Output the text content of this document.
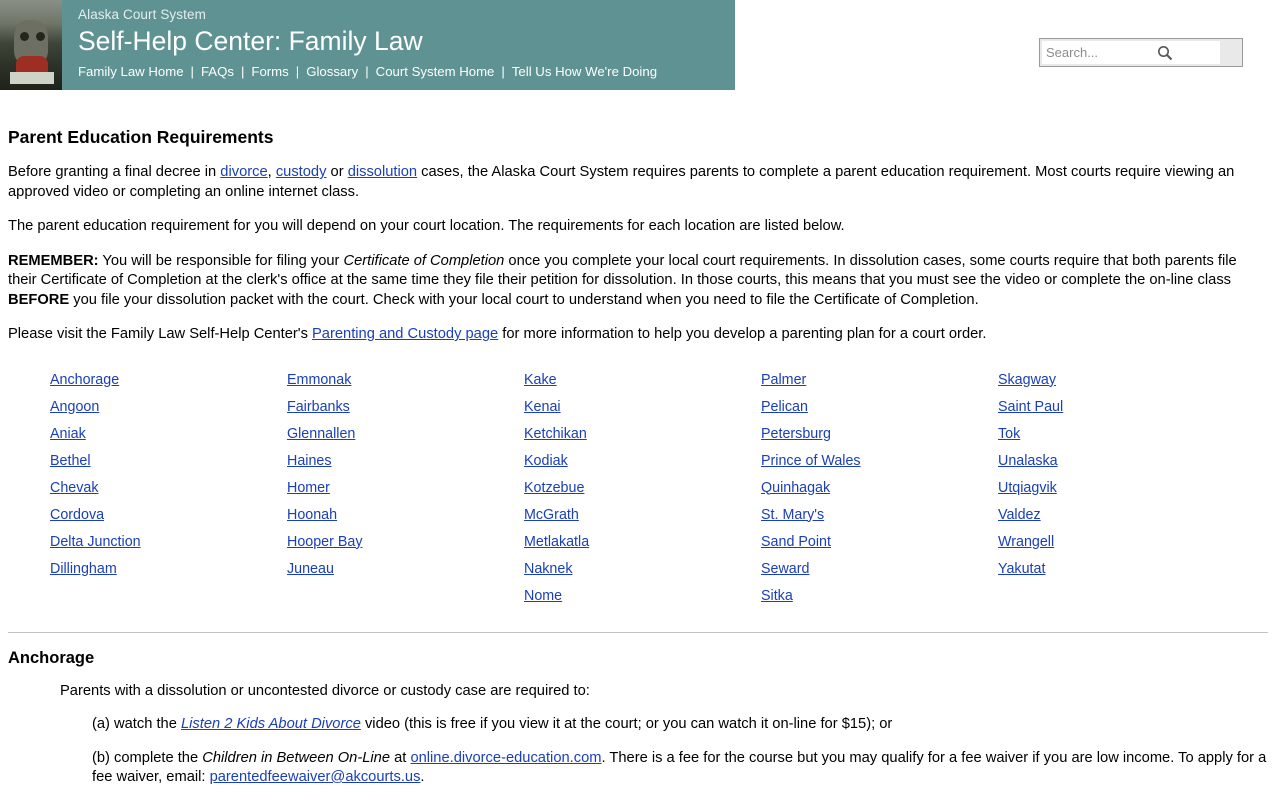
Alaska Court System
Self-Help Center: Family Law
Family Law Home | FAQs | Forms | Glossary | Court System Home | Tell Us How We're Doing
Search...
Parent Education Requirements

Before granting a final decree in divorce, custody or dissolution cases, the Alaska Court System requires parents to complete a parent education requirement. Most courts require viewing an approved video or completing an online internet class.

The parent education requirement for you will depend on your court location. The requirements for each location are listed below.

REMEMBER: You will be responsible for filing your Certificate of Completion once you complete your local court requirements. In dissolution cases, some courts require that both parents file their Certificate of Completion at the clerk's office at the same time they file their petition for dissolution. In those courts, this means that you must see the video or complete the on-line class BEFORE you file your dissolution packet with the court. Check with your local court to understand when you need to file the Certificate of Completion.

Please visit the Family Law Self-Help Center's Parenting and Custody page for more information to help you develop a parenting plan for a court order.

Anchorage
Angoon
Aniak
Bethel
Chevak
Cordova
Delta Junction
Dillingham
Emmonak
Fairbanks
Glennallen
Haines
Homer
Hoonah
Hooper Bay
Juneau
Kake
Kenai
Ketchikan
Kodiak
Kotzebue
McGrath
Metlakatla
Naknek
Nome
Palmer
Pelican
Petersburg
Prince of Wales
Quinhagak
St. Mary's
Sand Point
Seward
Sitka
Skagway
Saint Paul
Tok
Unalaska
Utqiagvik
Valdez
Wrangell
Yakutat
Anchorage

Parents with a dissolution or uncontested divorce or custody case are required to:

(a) watch the Listen 2 Kids About Divorce video (this is free if you view it at the court; or you can watch it on-line for $15); or

(b) complete the Children in Between On-Line at online.divorce-education.com. There is a fee for the course but you may qualify for a fee waiver if you are low income. To apply for a fee waiver, email: parentedfeewaiver@akcourts.us.
